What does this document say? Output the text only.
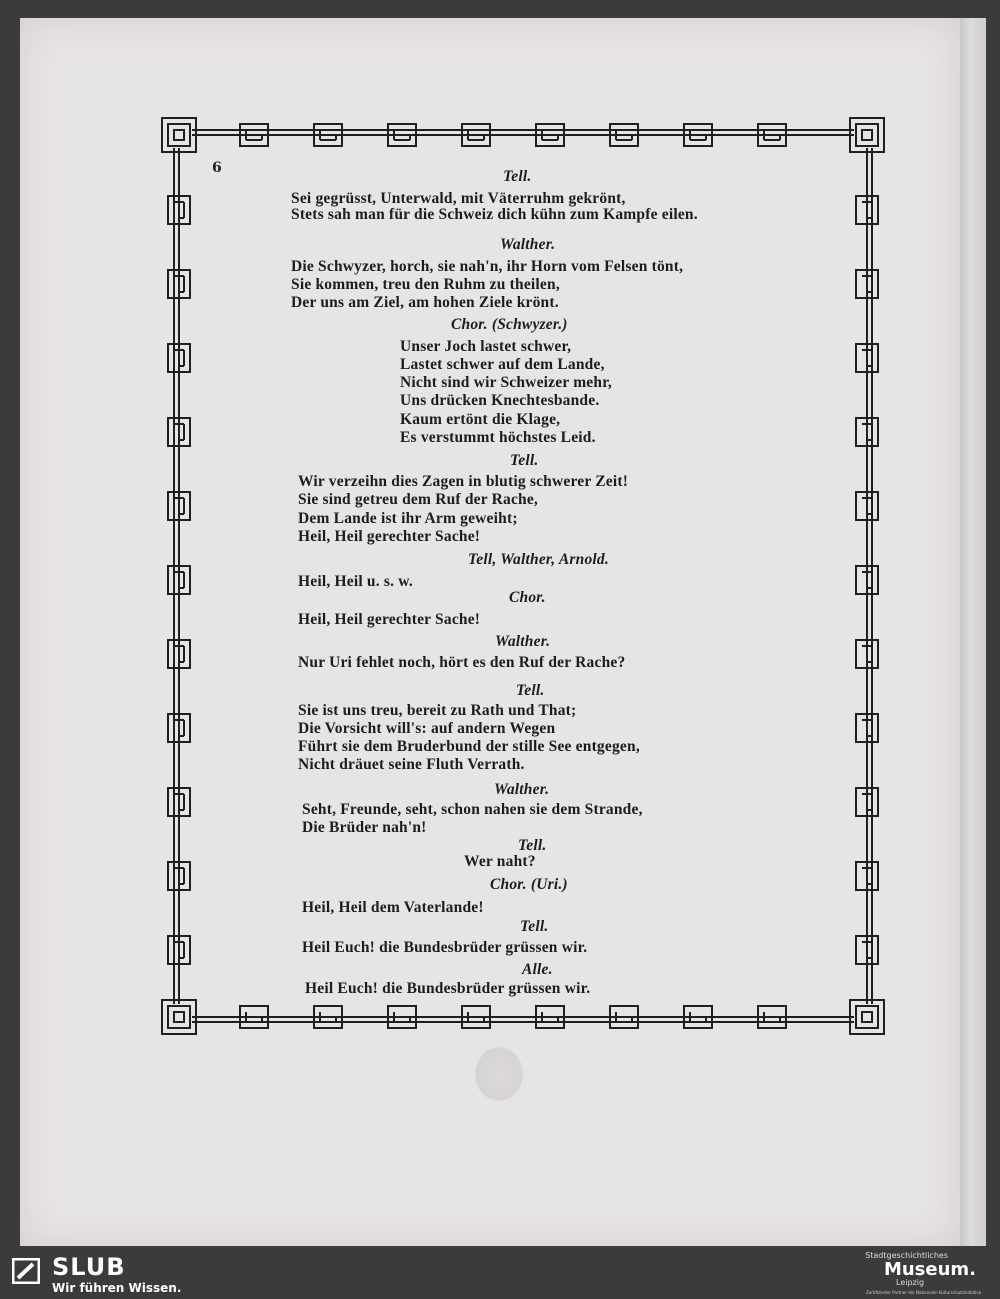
6	Tell.
Sei gegrüsst, Unterwald, mit Väterruhm gekrönt,
Stets sah man für die Schweiz dich kühn zum Kampfe eilen.
Walther.
Die Schwyzer, horch, sie nah'n, ihr Horn vom Felsen tönt,
Sie kommen, treu den Ruhm zu theilen,
Der uns am Ziel, am hohen Ziele krönt.
Chor. (Schwyzer.)
Unser Joch lastet schwer,
Lastet schwer auf dem Lande,
Nicht sind wir Schweizer mehr,
Uns drücken Knechtesbande.
Kaum ertönt die Klage,
Es verstummt höchstes Leid.
Tell.
Wir verzeihn dies Zagen in blutig schwerer Zeit!
Sie sind getreu dem Ruf der Rache,
Dem Lande ist ihr Arm geweiht;
Heil, Heil gerechter Sache!
Tell, Walther, Arnold.
Heil, Heil u. s. w.
Chor.
Heil, Heil gerechter Sache!
Walther.
Nur Uri fehlet noch, hört es den Ruf der Rache?
Tell.
Sie ist uns treu, bereit zu Rath und That;
Die Vorsicht will's: auf andern Wegen
Führt sie dem Bruderbund der stille See entgegen,
Nicht dräuet seine Fluth Verrath.
Walther.
Seht, Freunde, seht, schon nahen sie dem Strande,
Die Brüder nah'n!
Tell.
Wer naht?
Chor. (Uri.)
Heil, Heil dem Vaterlande!
Tell.
Heil Euch! die Bundesbrüder grüssen wir.
Alle.
Heil Euch! die Bundesbrüder grüssen wir.
SLUB
Wir führen Wissen.
Stadtgeschichtliches
Museum.
Leipzig
Zertifizierter Partner der Nationalen Kulturschutzinitiative
